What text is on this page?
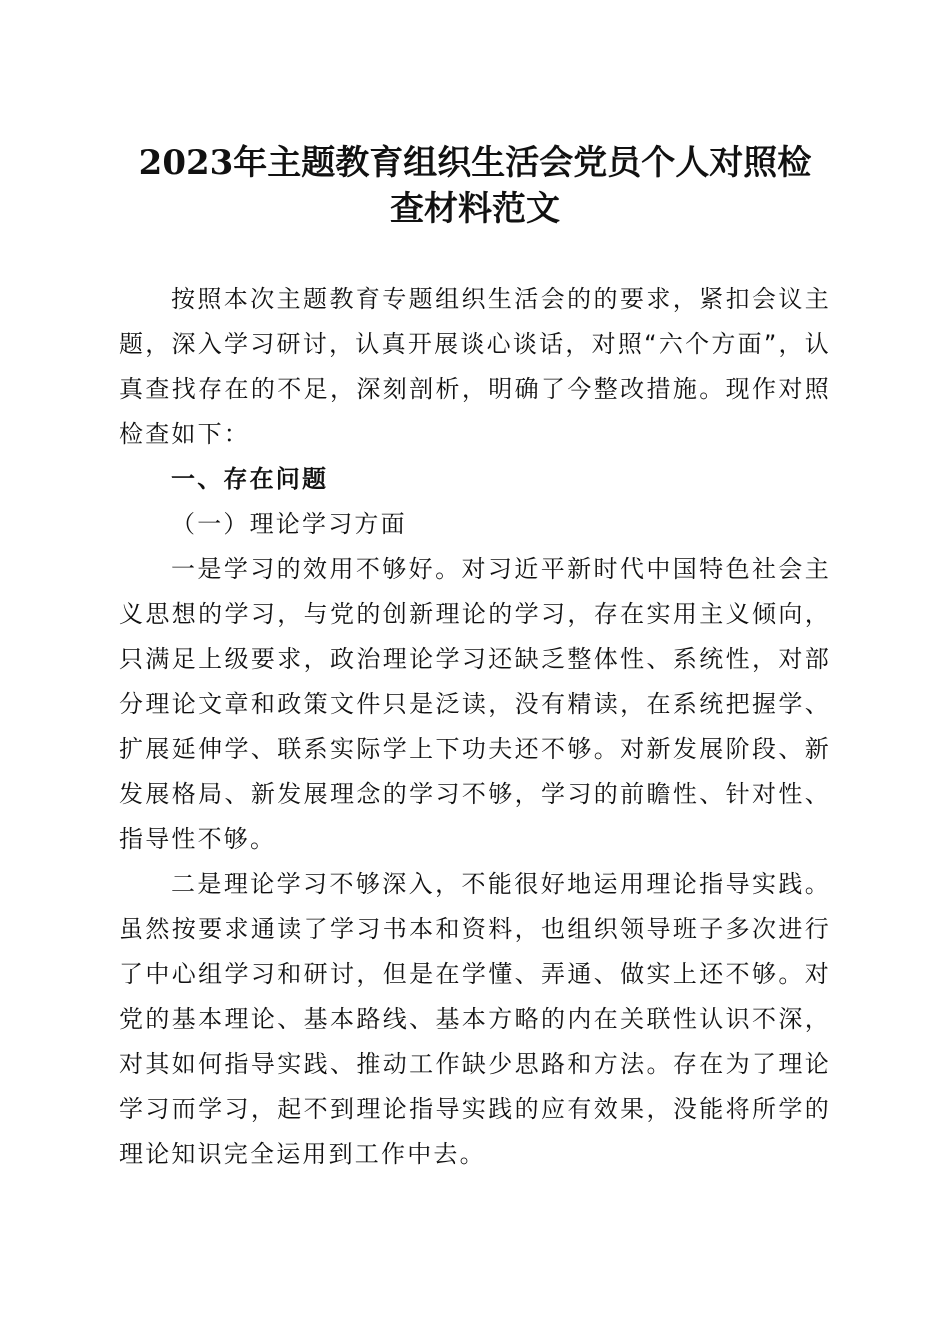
2023年主题教育组织生活会党员个人对照检
查材料范文

按照本次主题教育专题组织生活会的的要求，紧扣会议主题，深入学习研讨，认真开展谈心谈话，对照“六个方面”，认真查找存在的不足，深刻剖析，明确了今整改措施。现作对照检查如下：

一、存在问题

（一）理论学习方面

一是学习的效用不够好。对习近平新时代中国特色社会主义思想的学习，与党的创新理论的学习，存在实用主义倾向，只满足上级要求，政治理论学习还缺乏整体性、系统性，对部分理论文章和政策文件只是泛读，没有精读，在系统把握学、扩展延伸学、联系实际学上下功夫还不够。对新发展阶段、新发展格局、新发展理念的学习不够，学习的前瞻性、针对性、指导性不够。

二是理论学习不够深入，不能很好地运用理论指导实践。虽然按要求通读了学习书本和资料，也组织领导班子多次进行了中心组学习和研讨，但是在学懂、弄通、做实上还不够。对党的基本理论、基本路线、基本方略的内在关联性认识不深，对其如何指导实践、推动工作缺少思路和方法。存在为了理论学习而学习，起不到理论指导实践的应有效果，没能将所学的理论知识完全运用到工作中去。
